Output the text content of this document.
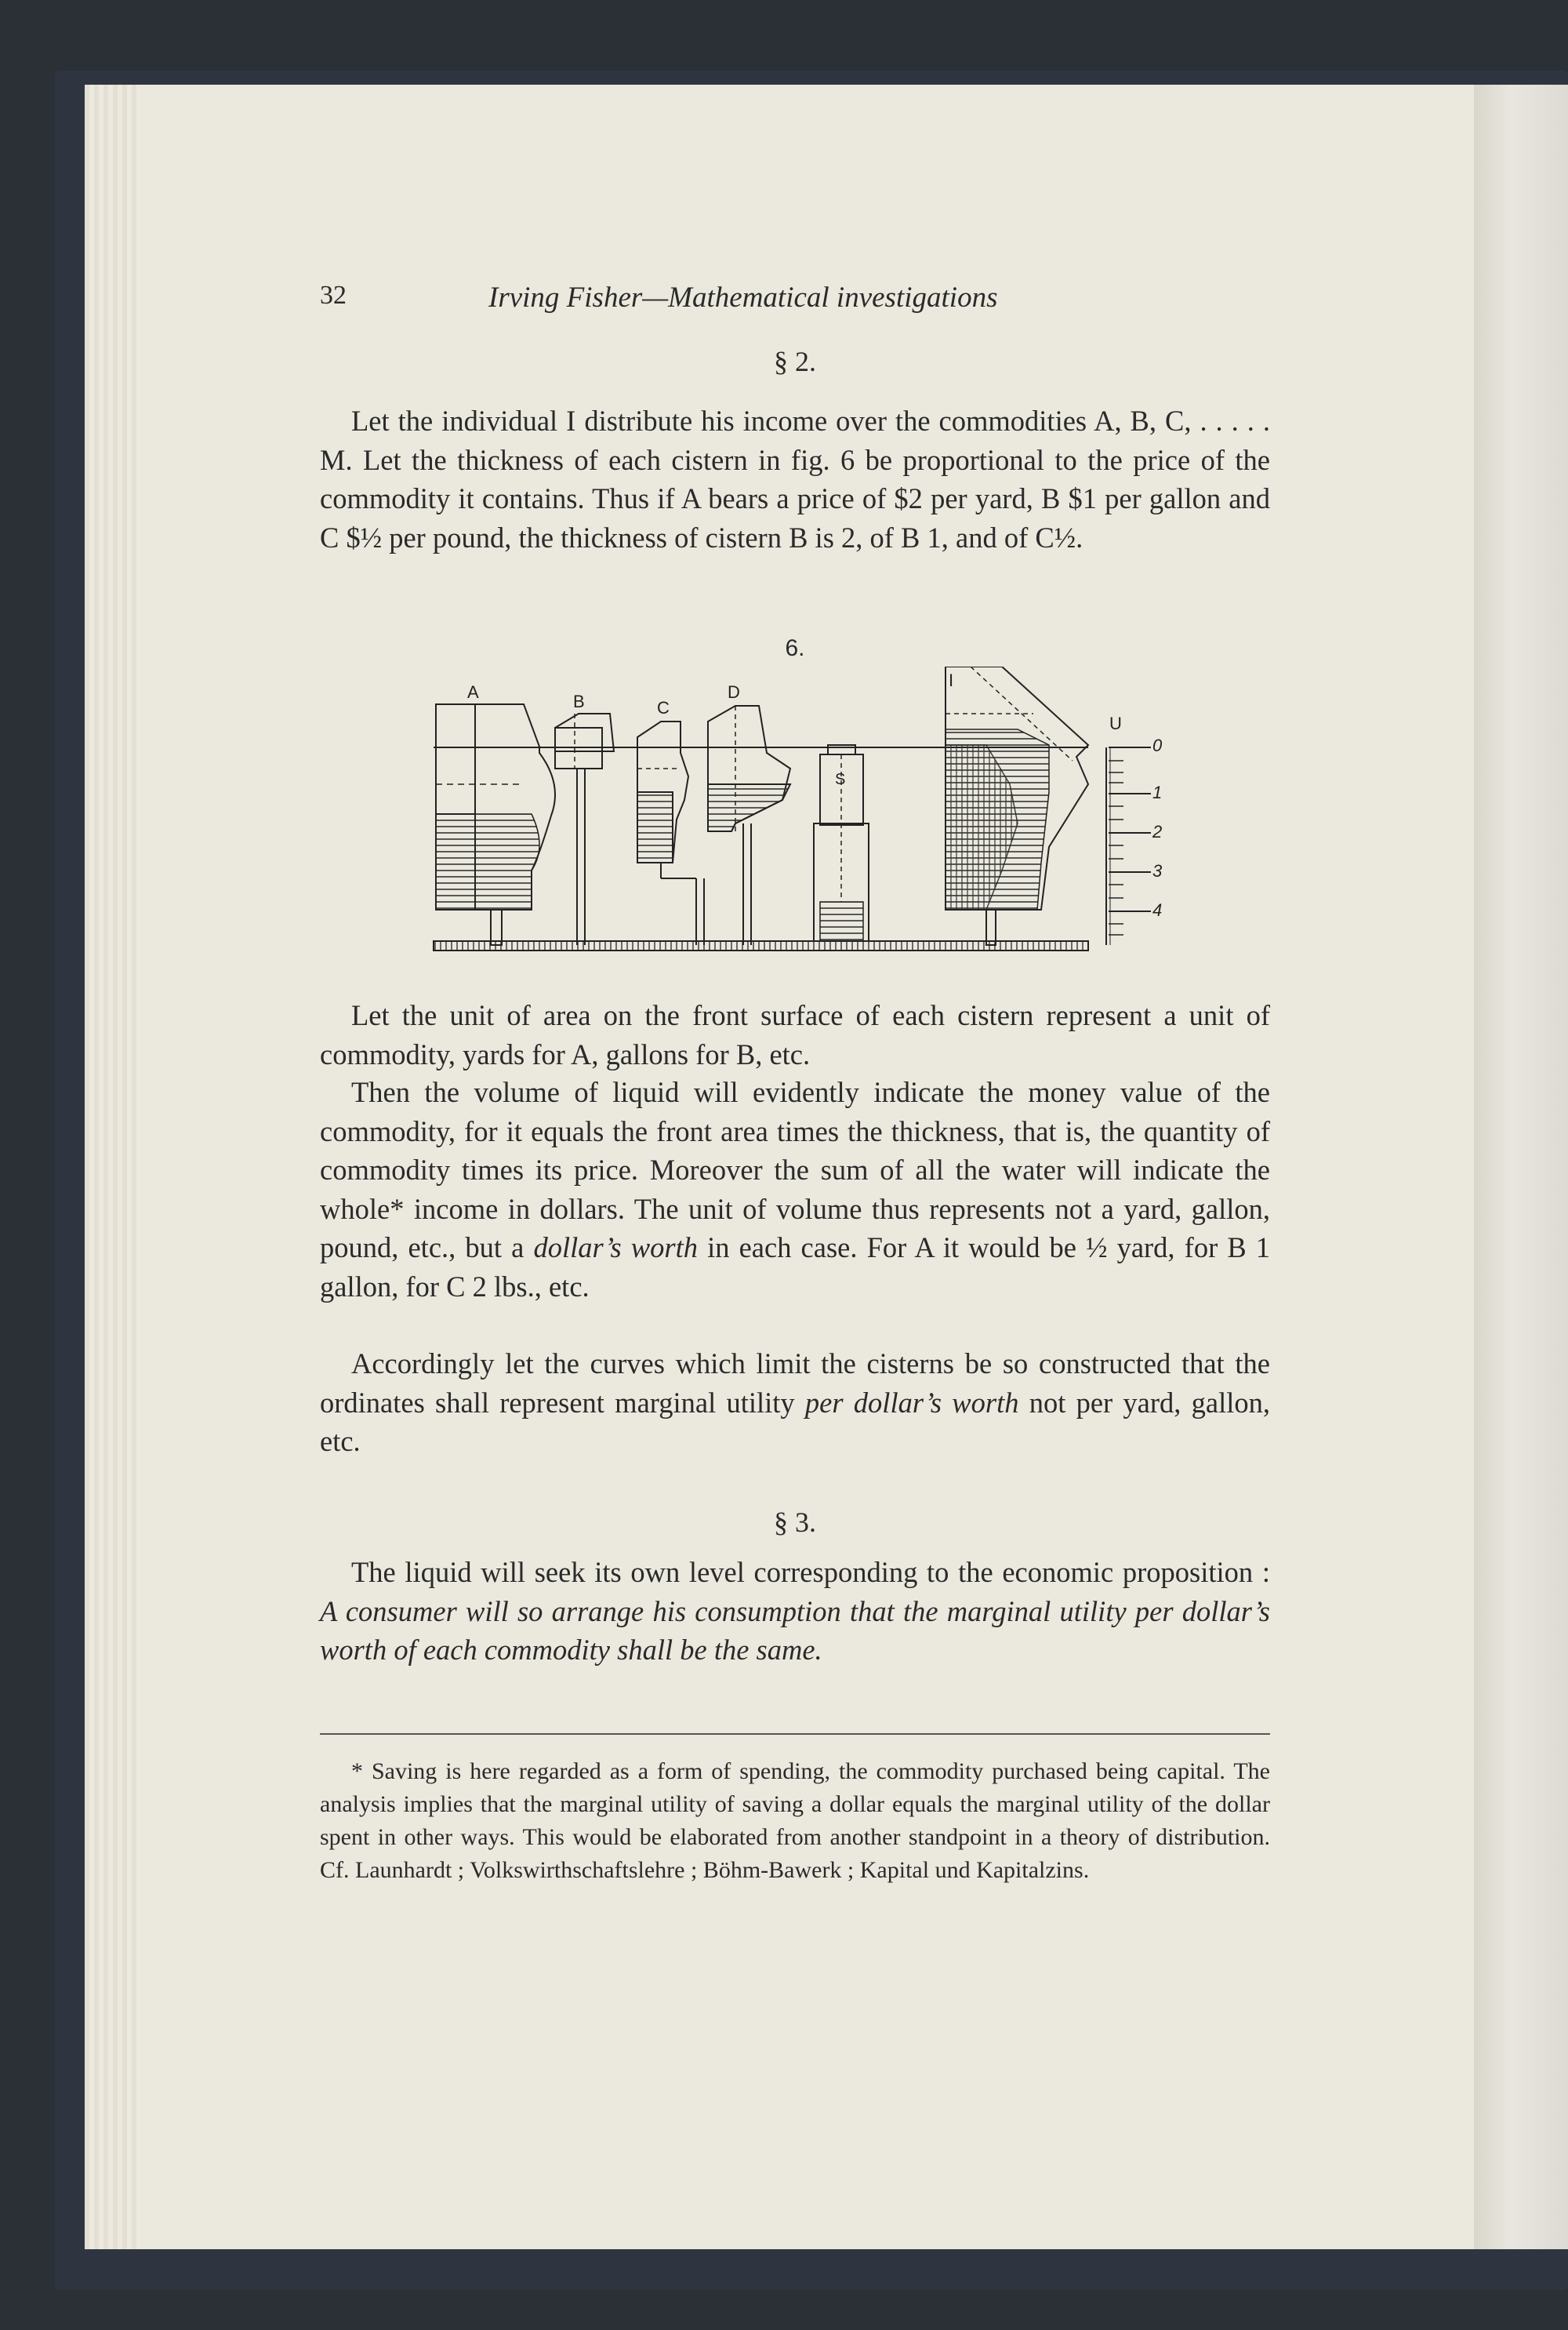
32	Irving Fisher—Mathematical investigations
§ 2.

Let the individual I distribute his income over the commodities A, B, C, . . . . . M. Let the thickness of each cistern in fig. 6 be proportional to the price of the commodity it contains. Thus if A bears a price of $2 per yard, B $1 per gallon and C $½ per pound, the thickness of cistern B is 2, of B 1, and of C½.

6.
A	B	C
D
I
S
U
0
1
2
3
4

Let the unit of area on the front surface of each cistern represent a unit of commodity, yards for A, gallons for B, etc.

Then the volume of liquid will evidently indicate the money value of the commodity, for it equals the front area times the thickness, that is, the quantity of commodity times its price. Moreover the sum of all the water will indicate the whole* income in dollars. The unit of volume thus represents not a yard, gallon, pound, etc., but a dollar’s worth in each case. For A it would be ½ yard, for B 1 gallon, for C 2 lbs., etc.

Accordingly let the curves which limit the cisterns be so constructed that the ordinates shall represent marginal utility per dollar’s worth not per yard, gallon, etc.

§ 3.

The liquid will seek its own level corresponding to the economic proposition : A consumer will so arrange his consumption that the marginal utility per dollar’s worth of each commodity shall be the same.

* Saving is here regarded as a form of spending, the commodity purchased being capital. The analysis implies that the marginal utility of saving a dollar equals the marginal utility of the dollar spent in other ways. This would be elaborated from another standpoint in a theory of distribution. Cf. Launhardt ; Volkswirthschaftslehre ; Böhm-Bawerk ; Kapital und Kapitalzins.
